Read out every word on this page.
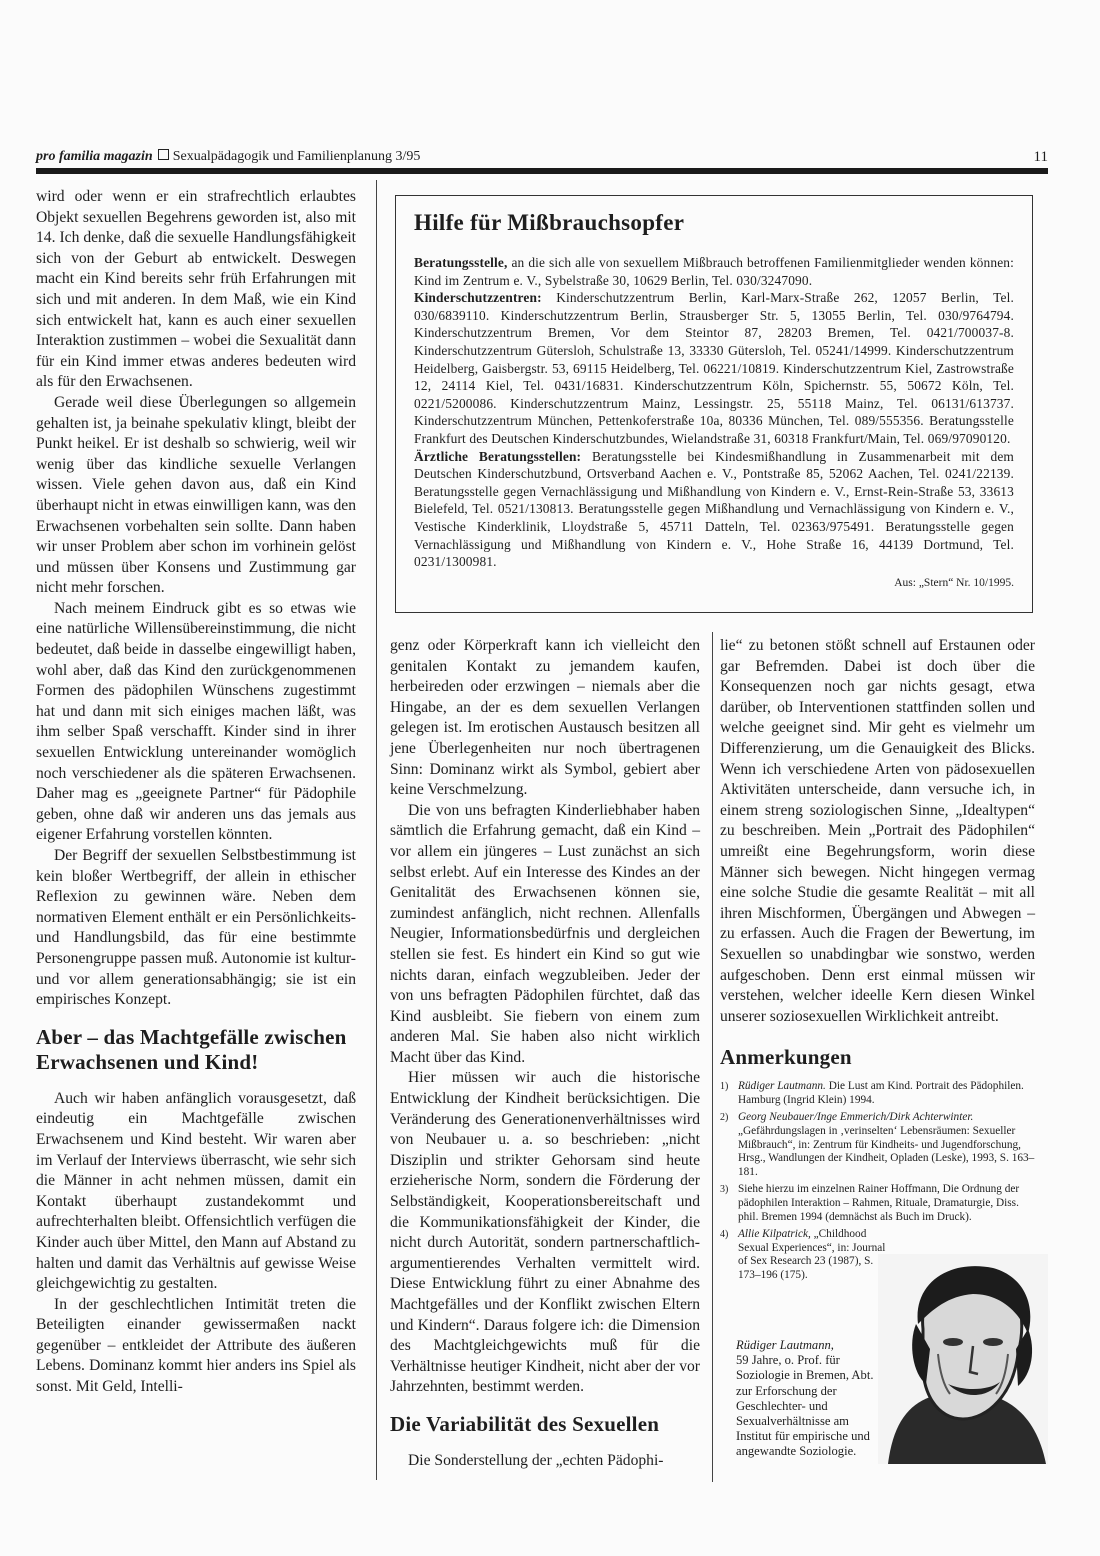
pro familia magazin Sexualpädagogik und Familienplanung 3/95	11

wird oder wenn er ein strafrechtlich erlaubtes Objekt sexuellen Begehrens geworden ist, also mit 14. Ich denke, daß die sexuelle Handlungsfähigkeit sich von der Geburt ab entwickelt. Deswegen macht ein Kind bereits sehr früh Erfahrungen mit sich und mit anderen. In dem Maß, wie ein Kind sich entwickelt hat, kann es auch einer sexuellen Interaktion zustimmen – wobei die Sexualität dann für ein Kind immer etwas anderes bedeuten wird als für den Erwachsenen.

Gerade weil diese Überlegungen so allgemein gehalten ist, ja beinahe spekulativ klingt, bleibt der Punkt heikel. Er ist deshalb so schwierig, weil wir wenig über das kindliche sexuelle Verlangen wissen. Viele gehen davon aus, daß ein Kind überhaupt nicht in etwas einwilligen kann, was den Erwachsenen vorbehalten sein sollte. Dann haben wir unser Problem aber schon im vorhinein gelöst und müssen über Konsens und Zustimmung gar nicht mehr forschen.

Nach meinem Eindruck gibt es so etwas wie eine natürliche Willensübereinstimmung, die nicht bedeutet, daß beide in dasselbe eingewilligt haben, wohl aber, daß das Kind den zurückgenommenen Formen des pädophilen Wünschens zugestimmt hat und dann mit sich einiges machen läßt, was ihm selber Spaß verschafft. Kinder sind in ihrer sexuellen Entwicklung untereinander womöglich noch verschiedener als die späteren Erwachsenen. Daher mag es „geeignete Partner“ für Pädophile geben, ohne daß wir anderen uns das jemals aus eigener Erfahrung vorstellen könnten.

Der Begriff der sexuellen Selbstbestimmung ist kein bloßer Wertbegriff, der allein in ethischer Reflexion zu gewinnen wäre. Neben dem normativen Element enthält er ein Persönlichkeits- und Handlungsbild, das für eine bestimmte Personengruppe passen muß. Autonomie ist kultur- und vor allem generationsabhängig; sie ist ein empirisches Konzept.

Aber – das Machtgefälle zwischen Erwachsenen und Kind!

Auch wir haben anfänglich vorausgesetzt, daß eindeutig ein Machtgefälle zwischen Erwachsenem und Kind besteht. Wir waren aber im Verlauf der Interviews überrascht, wie sehr sich die Männer in acht nehmen müssen, damit ein Kontakt überhaupt zustandekommt und aufrechterhalten bleibt. Offensichtlich verfügen die Kinder auch über Mittel, den Mann auf Abstand zu halten und damit das Verhältnis auf gewisse Weise gleichgewichtig zu gestalten.

In der geschlechtlichen Intimität treten die Beteiligten einander gewissermaßen nackt gegenüber – entkleidet der Attribute des äußeren Lebens. Dominanz kommt hier anders ins Spiel als sonst. Mit Geld, Intelli-

Hilfe für Mißbrauchsopfer
Beratungsstelle, an die sich alle von sexuellem Mißbrauch betroffenen Familienmitglieder wenden können: Kind im Zentrum e. V., Sybelstraße 30, 10629 Berlin, Tel. 030/3247090.
Kinderschutzzentren: Kinderschutzzentrum Berlin, Karl-Marx-Straße 262, 12057 Berlin, Tel. 030/6839110. Kinderschutzzentrum Berlin, Strausberger Str. 5, 13055 Berlin, Tel. 030/9764794. Kinderschutzzentrum Bremen, Vor dem Steintor 87, 28203 Bremen, Tel. 0421/700037-8. Kinderschutzzentrum Gütersloh, Schulstraße 13, 33330 Gütersloh, Tel. 05241/14999. Kinderschutzzentrum Heidelberg, Gaisbergstr. 53, 69115 Heidelberg, Tel. 06221/10819. Kinderschutzzentrum Kiel, Zastrowstraße 12, 24114 Kiel, Tel. 0431/16831. Kinderschutzzentrum Köln, Spichernstr. 55, 50672 Köln, Tel. 0221/5200086. Kinderschutzzentrum Mainz, Lessingstr. 25, 55118 Mainz, Tel. 06131/613737. Kinderschutzzentrum München, Pettenkoferstraße 10a, 80336 München, Tel. 089/555356. Beratungsstelle Frankfurt des Deutschen Kinderschutzbundes, Wielandstraße 31, 60318 Frankfurt/Main, Tel. 069/97090120.
Ärztliche Beratungsstellen: Beratungsstelle bei Kindesmißhandlung in Zusammenarbeit mit dem Deutschen Kinderschutzbund, Ortsverband Aachen e. V., Pontstraße 85, 52062 Aachen, Tel. 0241/22139. Beratungsstelle gegen Vernachlässigung und Mißhandlung von Kindern e. V., Ernst-Rein-Straße 53, 33613 Bielefeld, Tel. 0521/130813. Beratungsstelle gegen Mißhandlung und Vernachlässigung von Kindern e. V., Vestische Kinderklinik, Lloydstraße 5, 45711 Datteln, Tel. 02363/975491. Beratungsstelle gegen Vernachlässigung und Mißhandlung von Kindern e. V., Hohe Straße 16, 44139 Dortmund, Tel. 0231/1300981.
Aus: „Stern“ Nr. 10/1995.

genz oder Körperkraft kann ich vielleicht den genitalen Kontakt zu jemandem kaufen, herbeireden oder erzwingen – niemals aber die Hingabe, an der es dem sexuellen Verlangen gelegen ist. Im erotischen Austausch besitzen all jene Überlegenheiten nur noch übertragenen Sinn: Dominanz wirkt als Symbol, gebiert aber keine Verschmelzung.

Die von uns befragten Kinderliebhaber haben sämtlich die Erfahrung gemacht, daß ein Kind – vor allem ein jüngeres – Lust zunächst an sich selbst erlebt. Auf ein Interesse des Kindes an der Genitalität des Erwachsenen können sie, zumindest anfänglich, nicht rechnen. Allenfalls Neugier, Informationsbedürfnis und dergleichen stellen sie fest. Es hindert ein Kind so gut wie nichts daran, einfach wegzubleiben. Jeder der von uns befragten Pädophilen fürchtet, daß das Kind ausbleibt. Sie fiebern von einem zum anderen Mal. Sie haben also nicht wirklich Macht über das Kind.

Hier müssen wir auch die historische Entwicklung der Kindheit berücksichtigen. Die Veränderung des Generationenverhältnisses wird von Neubauer u. a. so beschrieben: „nicht Disziplin und strikter Gehorsam sind heute erzieherische Norm, sondern die Förderung der Selbständigkeit, Kooperationsbereitschaft und die Kommunikationsfähigkeit der Kinder, die nicht durch Autorität, sondern partnerschaftlich-argumentierendes Verhalten vermittelt wird. Diese Entwicklung führt zu einer Abnahme des Machtgefälles und der Konflikt zwischen Eltern und Kindern“. Daraus folgere ich: die Dimension des Machtgleichgewichts muß für die Verhältnisse heutiger Kindheit, nicht aber der vor Jahrzehnten, bestimmt werden.

Die Variabilität des Sexuellen

Die Sonderstellung der „echten Pädophi-

lie“ zu betonen stößt schnell auf Erstaunen oder gar Befremden. Dabei ist doch über die Konsequenzen noch gar nichts gesagt, etwa darüber, ob Interventionen stattfinden sollen und welche geeignet sind. Mir geht es vielmehr um Differenzierung, um die Genauigkeit des Blicks. Wenn ich verschiedene Arten von pädosexuellen Aktivitäten unterscheide, dann versuche ich, in einem streng soziologischen Sinne, „Idealtypen“ zu beschreiben. Mein „Portrait des Pädophilen“ umreißt eine Begehrungsform, worin diese Männer sich bewegen. Nicht hingegen vermag eine solche Studie die gesamte Realität – mit all ihren Mischformen, Übergängen und Abwegen – zu erfassen. Auch die Fragen der Bewertung, im Sexuellen so unabdingbar wie sonstwo, werden aufgeschoben. Denn erst einmal müssen wir verstehen, welcher ideelle Kern diesen Winkel unserer soziosexuellen Wirklichkeit antreibt.

Anmerkungen
1) Rüdiger Lautmann. Die Lust am Kind. Portrait des Pädophilen. Hamburg (Ingrid Klein) 1994.
2) Georg Neubauer/Inge Emmerich/Dirk Achterwinter. „Gefährdungslagen in ‚verinselten‘ Lebensräumen: Sexueller Mißbrauch“, in: Zentrum für Kindheits- und Jugendforschung, Hrsg., Wandlungen der Kindheit, Opladen (Leske), 1993, S. 163–181.
3) Siehe hierzu im einzelnen Rainer Hoffmann, Die Ordnung der pädophilen Interaktion – Rahmen, Rituale, Dramaturgie, Diss. phil. Bremen 1994 (demnächst als Buch im Druck).
4) Allie Kilpatrick, „Childhood Sexual Experiences“, in: Journal of Sex Research 23 (1987), S. 173–196 (175).
Rüdiger Lautmann,
59 Jahre, o. Prof. für Soziologie in Bremen, Abt. zur Erforschung der Geschlechter- und Sexualverhältnisse am Institut für empirische und angewandte Soziologie.
